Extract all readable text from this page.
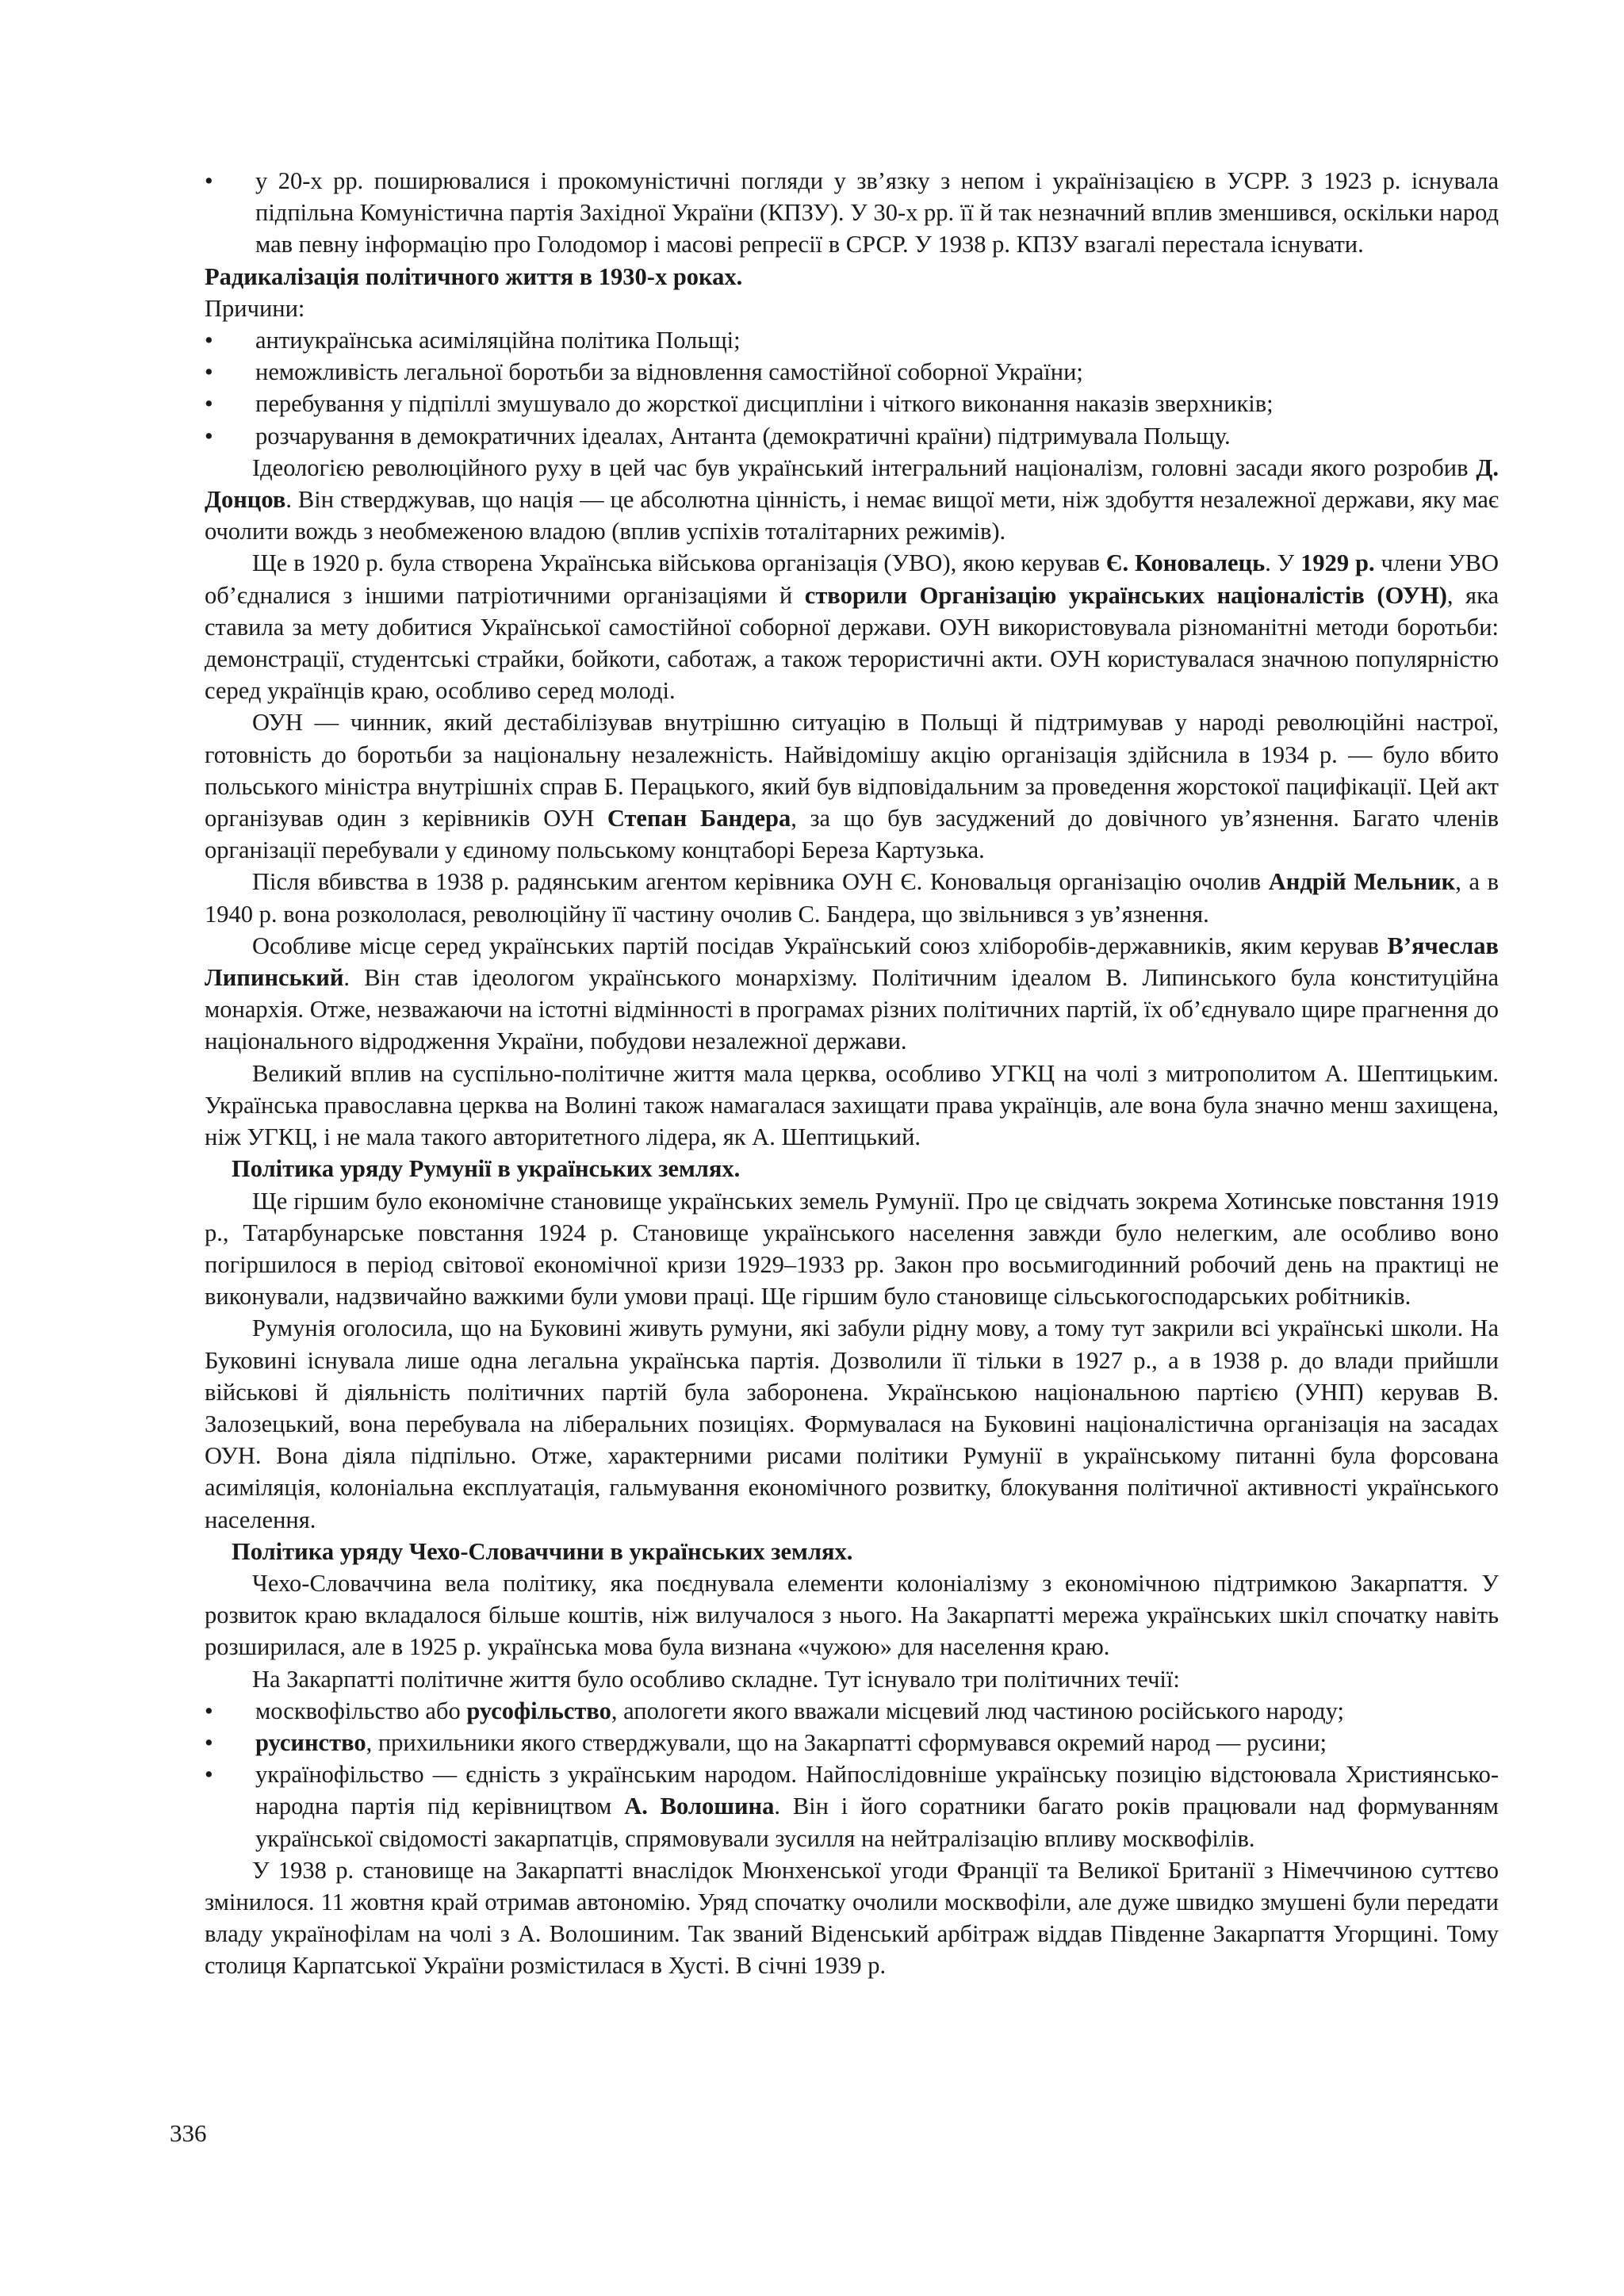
• у 20-х рр. поширювалися і прокомуністичні погляди у зв’язку з непом і українізацією в УСРР. З 1923 р. існувала підпільна Комуністична партія Західної України (КПЗУ). У 30-х рр. її й так незначний вплив зменшився, оскільки народ мав певну інформацію про Голодомор і масові репресії в СРСР. У 1938 р. КПЗУ взагалі перестала існувати.

Радикалізація політичного життя в 1930-х роках.

Причини:

• антиукраїнська асиміляційна політика Польщі;
• неможливість легальної боротьби за відновлення самостійної соборної України;
• перебування у підпіллі змушувало до жорсткої дисципліни і чіткого виконання наказів зверхників;
• розчарування в демократичних ідеалах, Антанта (демократичні країни) підтримувала Польщу.

Ідеологією революційного руху в цей час був український інтегральний націоналізм, головні засади якого розробив Д. Донцов. Він стверджував, що нація — це абсолютна цінність, і немає вищої мети, ніж здобуття незалежної держави, яку має очолити вождь з необмеженою владою (вплив успіхів тоталітарних режимів).

Ще в 1920 р. була створена Українська військова організація (УВО), якою керував Є. Коновалець. У 1929 р. члени УВО об’єдналися з іншими патріотичними організаціями й створили Організацію українських націоналістів (ОУН), яка ставила за мету добитися Української самостійної соборної держави. ОУН використовувала різноманітні методи боротьби: демонстрації, студентські страйки, бойкоти, саботаж, а також терористичні акти. ОУН користувалася значною популярністю серед українців краю, особливо серед молоді.

ОУН — чинник, який дестабілізував внутрішню ситуацію в Польщі й підтримував у народі революційні настрої, готовність до боротьби за національну незалежність. Найвідомішу акцію організація здійснила в 1934 р. — було вбито польського міністра внутрішніх справ Б. Перацького, який був відповідальним за проведення жорстокої пацифікації. Цей акт організував один з керівників ОУН Степан Бандера, за що був засуджений до довічного ув’язнення. Багато членів організації перебували у єдиному польському концтаборі Береза Картузька.

Після вбивства в 1938 р. радянським агентом керівника ОУН Є. Коновальця організацію очолив Андрій Мельник, а в 1940 р. вона розкололася, революційну її частину очолив С. Бандера, що звільнився з ув’язнення.

Особливе місце серед українських партій посідав Український союз хліборобів-державників, яким керував В’ячеслав Липинський. Він став ідеологом українського монархізму. Політичним ідеалом В. Липинського була конституційна монархія. Отже, незважаючи на істотні відмінності в програмах різних політичних партій, їх об’єднувало щире прагнення до національного відродження України, побудови незалежної держави.

Великий вплив на суспільно-політичне життя мала церква, особливо УГКЦ на чолі з митрополитом А. Шептицьким. Українська православна церква на Волині також намагалася захищати права українців, але вона була значно менш захищена, ніж УГКЦ, і не мала такого авторитетного лідера, як А. Шептицький.

Політика уряду Румунії в українських землях.

Ще гіршим було економічне становище українських земель Румунії. Про це свідчать зокрема Хотинське повстання 1919 р., Татарбунарське повстання 1924 р. Становище українського населення завжди було нелегким, але особливо воно погіршилося в період світової економічної кризи 1929–1933 рр. Закон про восьмигодинний робочий день на практиці не виконували, надзвичайно важкими були умови праці. Ще гіршим було становище сільськогосподарських робітників.

Румунія оголосила, що на Буковині живуть румуни, які забули рідну мову, а тому тут закрили всі українські школи. На Буковині існувала лише одна легальна українська партія. Дозволили її тільки в 1927 р., а в 1938 р. до влади прийшли військові й діяльність політичних партій була заборонена. Українською національною партією (УНП) керував В. Залозецький, вона перебувала на ліберальних позиціях. Формувалася на Буковині націоналістична організація на засадах ОУН. Вона діяла підпільно. Отже, характерними рисами політики Румунії в українському питанні була форсована асиміляція, колоніальна експлуатація, гальмування економічного розвитку, блокування політичної активності українського населення.

Політика уряду Чехо-Словаччини в українських землях.

Чехо-Словаччина вела політику, яка поєднувала елементи колоніалізму з економічною підтримкою Закарпаття. У розвиток краю вкладалося більше коштів, ніж вилучалося з нього. На Закарпатті мережа українських шкіл спочатку навіть розширилася, але в 1925 р. українська мова була визнана «чужою» для населення краю.

На Закарпатті політичне життя було особливо складне. Тут існувало три політичних течії:

• москвофільство або русофільство, апологети якого вважали місцевий люд частиною російського народу;
• русинство, прихильники якого стверджували, що на Закарпатті сформувався окремий народ — русини;
• українофільство — єдність з українським народом. Найпослідовніше українську позицію відстоювала Християнсько-народна партія під керівництвом А. Волошина. Він і його соратники багато років працювали над формуванням української свідомості закарпатців, спрямовували зусилля на нейтралізацію впливу москвофілів.

У 1938 р. становище на Закарпатті внаслідок Мюнхенської угоди Франції та Великої Британії з Німеччиною суттєво змінилося. 11 жовтня край отримав автономію. Уряд спочатку очолили москвофіли, але дуже швидко змушені були передати владу українофілам на чолі з А. Волошиним. Так званий Віденський арбітраж віддав Південне Закарпаття Угорщині. Тому столиця Карпатської України розмістилася в Хусті. В січні 1939 р.

336
